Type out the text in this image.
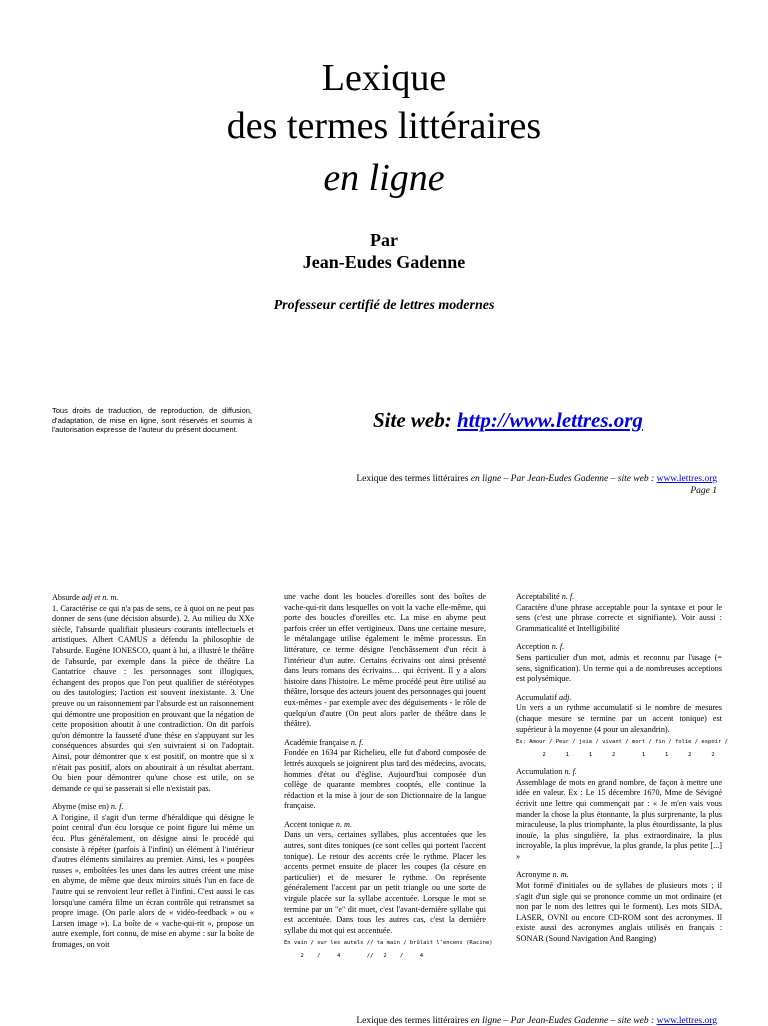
Lexique
des termes littéraires
en ligne
Par
Jean-Eudes Gadenne
Professeur certifié de lettres modernes
Tous droits de traduction, de reproduction, de diffusion, d'adaptation, de mise en ligne, sont réservés et soumis à l'autorisation expresse de l'auteur du présent document.	Site web: http://www.lettres.org
Lexique des termes littéraires en ligne – Par Jean-Eudes Gadenne – site web : www.lettres.org
Page 1

Absurde adj et n. m.
1. Caractérise ce qui n'a pas de sens, ce à quoi on ne peut pas donner de sens (une décision absurde). 2. Au milieu du XXe siècle, l'absurde qualifiait plusieurs courants intellectuels et artistiques. Albert CAMUS a défendu la philosophie de l'absurde. Eugène IONESCO, quant à lui, a illustré le théâtre de l'absurde, par exemple dans la pièce de théâtre La Cantatrice chauve : les personnages sont illogiques, échangent des propos que l'on peut qualifier de stéréotypes ou des tautologies; l'action est souvent inexistante. 3. Une preuve ou un raisonnement par l'absurde est un raisonnement qui démontre une proposition en prouvant que la négation de cette proposition aboutit à une contradiction. On dit parfois qu'on démontre la fausseté d'une thèse en s'appuyant sur les conséquences absurdes qui s'en suivraient si on l'adoptait. Ainsi, pour démontrer que x est positif, on montre que si x n'était pas positif, alors on aboutirait à un résultat aberrant. Ou bien pour démontrer qu'une chose est utile, on se demande ce qui se passerait si elle n'existait pas.

Abyme (mise en) n. f.
A l'origine, il s'agit d'un terme d'héraldique qui désigne le point central d'un écu lorsque ce point figure lui même un écu. Plus généralement, on désigne ainsi le procédé qui consiste à répéter (parfois à l'infini) un élément à l'intérieur d'autres éléments similaires au premier. Ainsi, les « poupées russes », emboîtées les unes dans les autres créent une mise en abyme, de même que deux miroirs situés l'un en face de l'autre qui se renvoient leur reflet à l'infini. C'est aussi le cas lorsqu'une caméra filme un écran contrôle qui retransmet sa propre image. (On parle alors de « vidéo-feedback » ou « Larsen image »). La boîte de « vache-qui-rit », propose un autre exemple, fort connu, de mise en abyme : sur la boîte de fromages, on voit

une vache dont les boucles d'oreilles sont des boîtes de vache-qui-rit dans lesquelles on voit la vache elle-même, qui porte des boucles d'oreilles etc. La mise en abyme peut parfois créer un effet vertigineux. Dans une certaine mesure, le métalangage utilise également le même processus. En littérature, ce terme désigne l'enchâssement d'un récit à l'intérieur d'un autre. Certains écrivains ont ainsi présenté dans leurs romans des écrivains… qui écrivent. Il y a alors histoire dans l'histoire. Le même procédé peut être utilisé au théâtre, lorsque des acteurs jouent des personnages qui jouent eux-mêmes - par exemple avec des déguisements - le rôle de quelqu'un d'autre (On peut alors parler de théâtre dans le théâtre).

Académie française n. f.
Fondée en 1634 par Richelieu, elle fut d'abord composée de lettrés auxquels se joignirent plus tard des médecins, avocats, hommes d'état ou d'église. Aujourd'hui composée d'un collège de quarante membres cooptés, elle continue la rédaction et la mise à jour de son Dictionnaire de la langue française.

Accent tonique n. m.
Dans un vers, certaines syllabes, plus accentuées que les autres, sont dites toniques (ce sont celles qui portent l'accent tonique). Le retour des accents crée le rythme. Placer les accents permet ensuite de placer les coupes (la césure en particulier) et de mesurer le rythme. On représente généralement l'accent par un petit triangle ou une sorte de virgule placée sur la syllabe accentuée. Lorsque le mot se termine par un "e" dit muet, c'est l'avant-dernière syllabe qui est accentuée. Dans tous les autres cas, c'est la dernière syllabe du mot qui est accentuée.

En vain / sur les autels // ta main / brûlait l'encens (Racine)
2    /     4        //   2    /     4

Acceptabilité n. f.
Caractère d'une phrase acceptable pour la syntaxe et pour le sens (c'est une phrase correcte et signifiante). Voir aussi : Grammaticalité et Intelligibilité

Acception n. f.
Sens particulier d'un mot, admis et reconnu par l'usage (= sens, signification). Un terme qui a de nombreuses acceptions est polysémique.

Accumulatif adj.
Un vers a un rythme accumulatif si le nombre de mesures (chaque mesure se termine par un accent tonique) est supérieur à la moyenne (4 pour un alexandrin).

Ex: Amour / Peur / joie / vivant / mort / fin / folie / espoir /
2      1      1      2        1      1      2      2

Accumulation n. f.
Assemblage de mots en grand nombre, de façon à mettre une idée en valeur. Ex : Le 15 décembre 1670, Mme de Sévigné écrivit une lettre qui commençait par : « Je m'en vais vous mander la chose la plus étonnante, la plus surprenante, la plus miraculeuse, la plus triomphante, la plus étourdissante, la plus inouïe, la plus singulière, la plus extraordinaire, la plus incroyable, la plus imprévue, la plus grande, la plus petite [...] »

Acronyme n. m.
Mot formé d'initiales ou de syllabes de plusieurs mots ; il s'agit d'un sigle qui se prononce comme un mot ordinaire (et non par le nom des lettres qui le forment). Les mots SIDA, LASER, OVNI ou encore CD-ROM sont des acronymes. Il existe aussi des acronymes anglais utilisés en français : SONAR (Sound Navigation And Ranging)

Lexique des termes littéraires en ligne – Par Jean-Eudes Gadenne – site web : www.lettres.org
